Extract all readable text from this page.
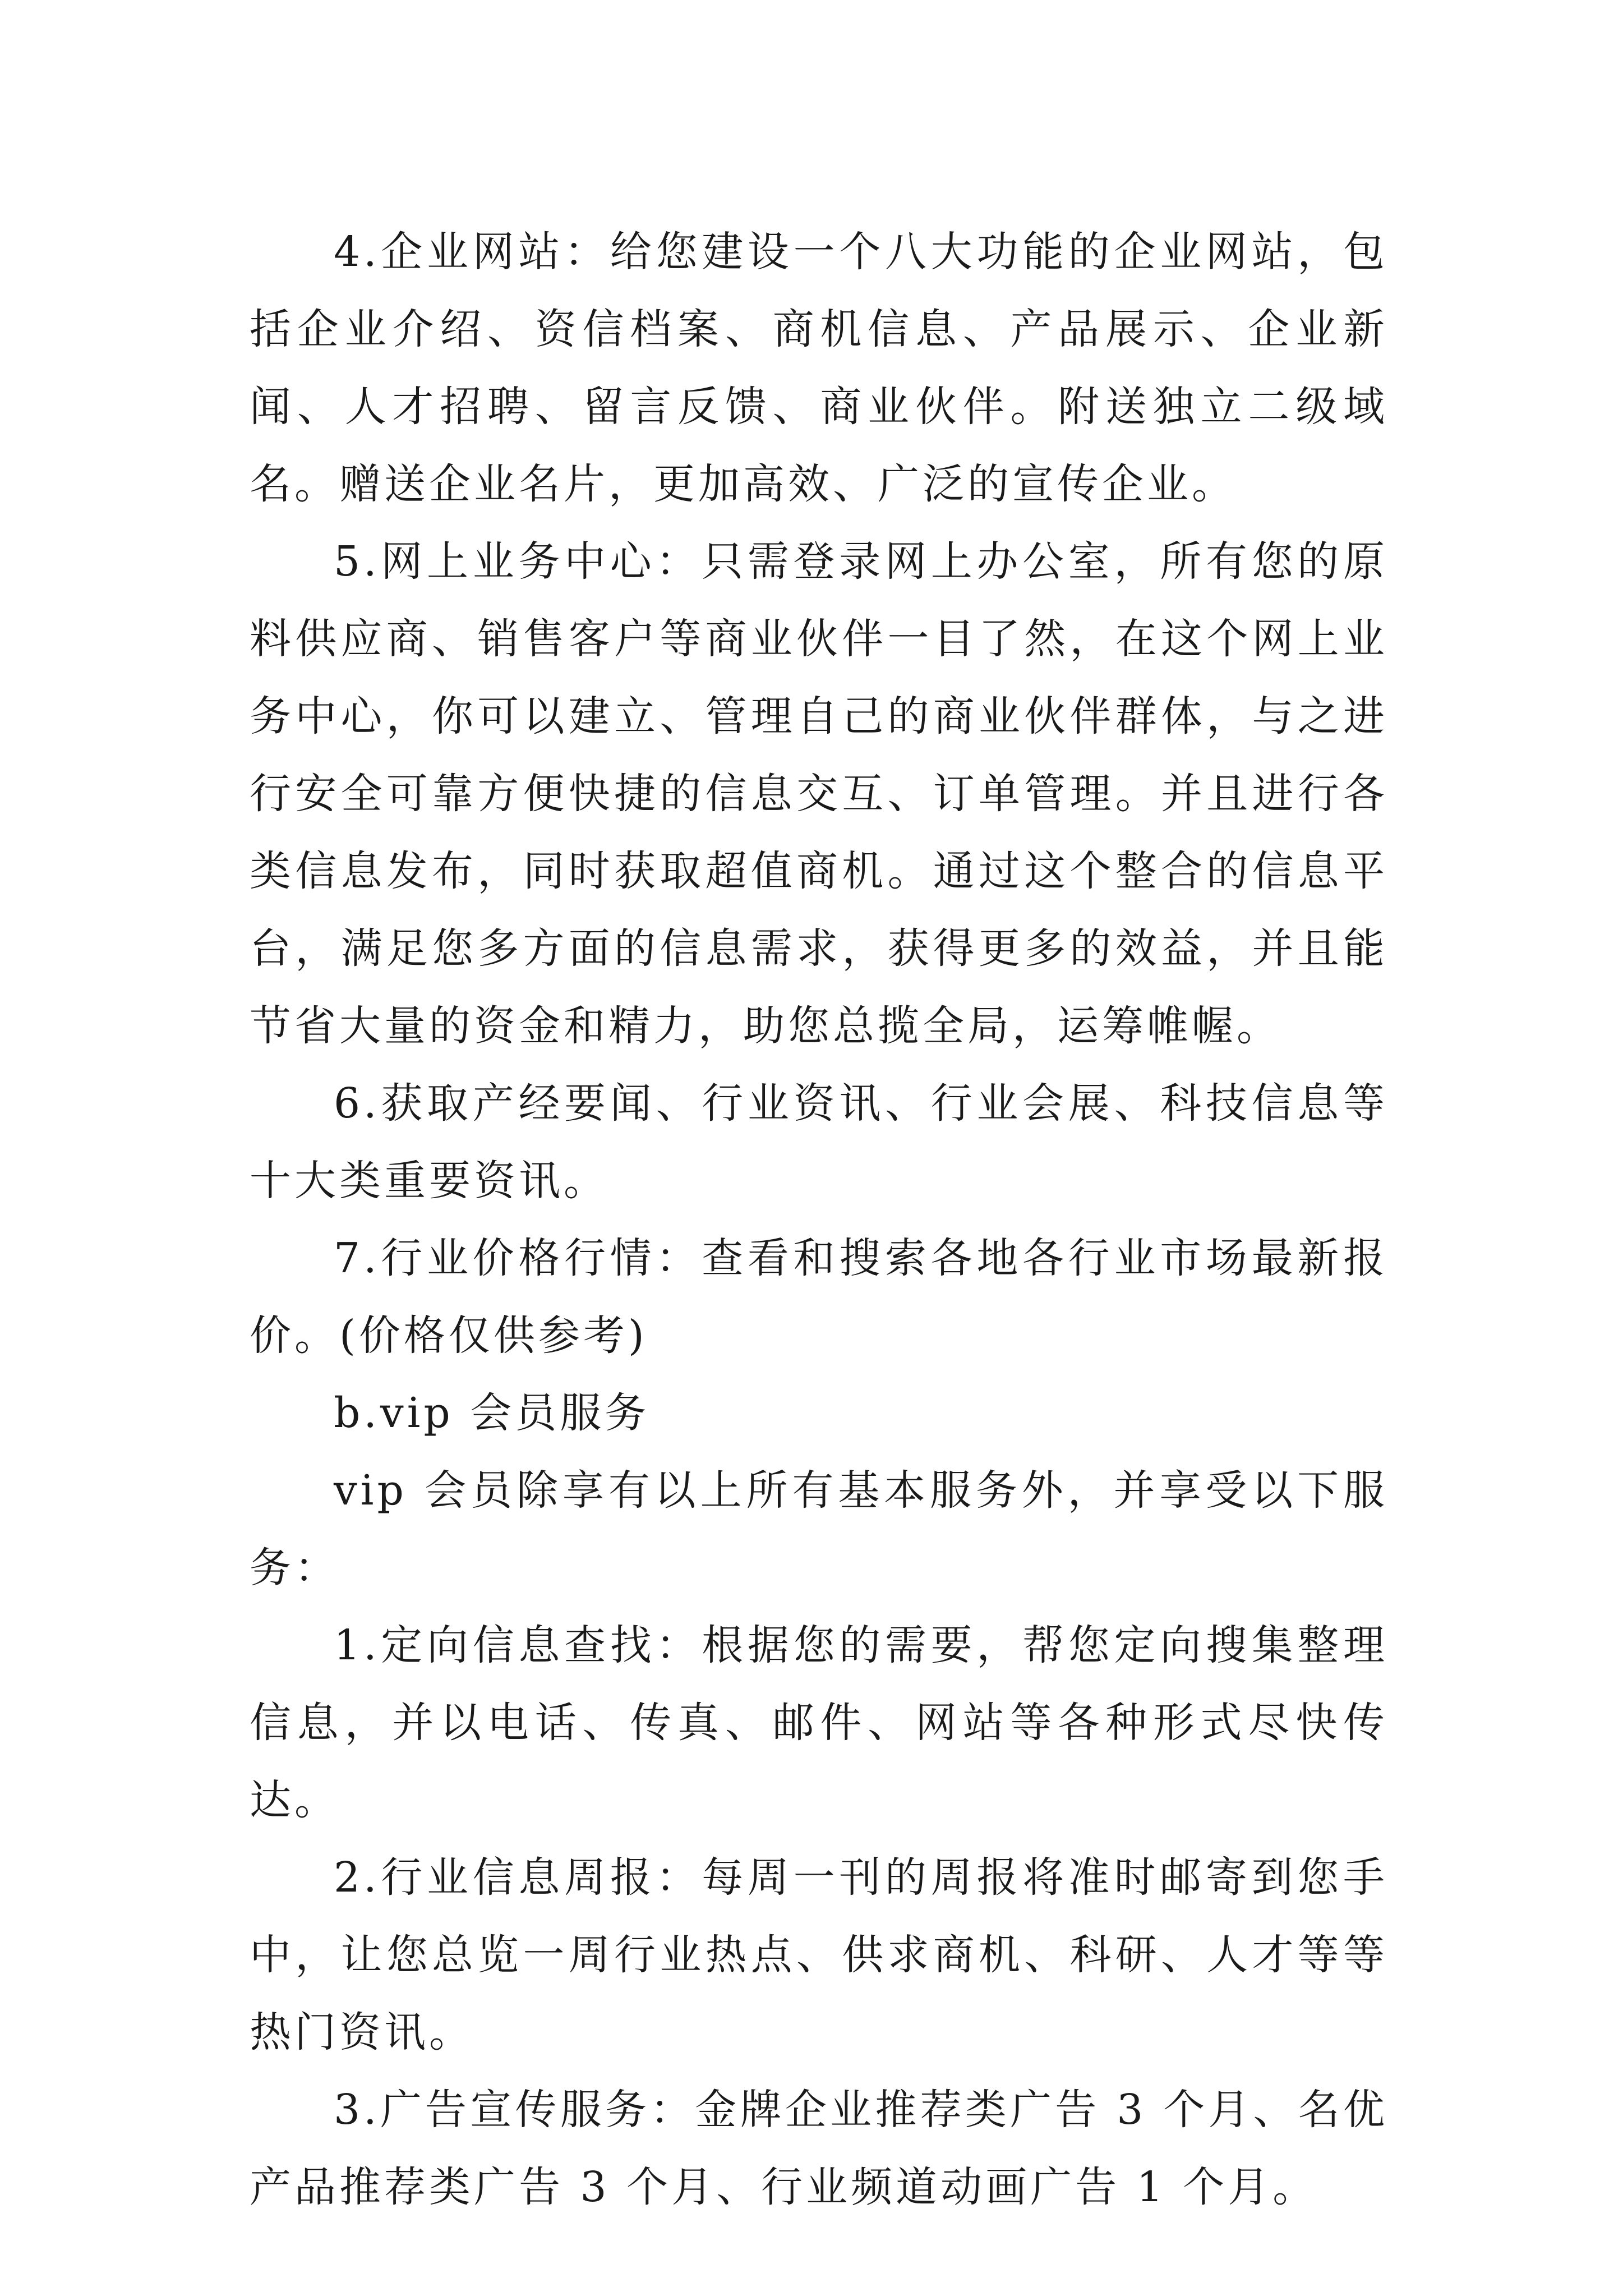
4.企业网站：给您建设一个八大功能的企业网站，包括企业介绍、资信档案、商机信息、产品展示、企业新闻、人才招聘、留言反馈、商业伙伴。附送独立二级域名。赠送企业名片，更加高效、广泛的宣传企业。

5.网上业务中心：只需登录网上办公室，所有您的原料供应商、销售客户等商业伙伴一目了然，在这个网上业务中心，你可以建立、管理自己的商业伙伴群体，与之进行安全可靠方便快捷的信息交互、订单管理。并且进行各类信息发布，同时获取超值商机。通过这个整合的信息平台，满足您多方面的信息需求，获得更多的效益，并且能节省大量的资金和精力，助您总揽全局，运筹帷幄。

6.获取产经要闻、行业资讯、行业会展、科技信息等十大类重要资讯。

7.行业价格行情：查看和搜索各地各行业市场最新报价。(价格仅供参考)

b.vip 会员服务

vip 会员除享有以上所有基本服务外，并享受以下服务：

1.定向信息查找：根据您的需要，帮您定向搜集整理信息，并以电话、传真、邮件、网站等各种形式尽快传达。

2.行业信息周报：每周一刊的周报将准时邮寄到您手中，让您总览一周行业热点、供求商机、科研、人才等等热门资讯。

3.广告宣传服务：金牌企业推荐类广告 3 个月、名优产品推荐类广告 3 个月、行业频道动画广告 1 个月。
